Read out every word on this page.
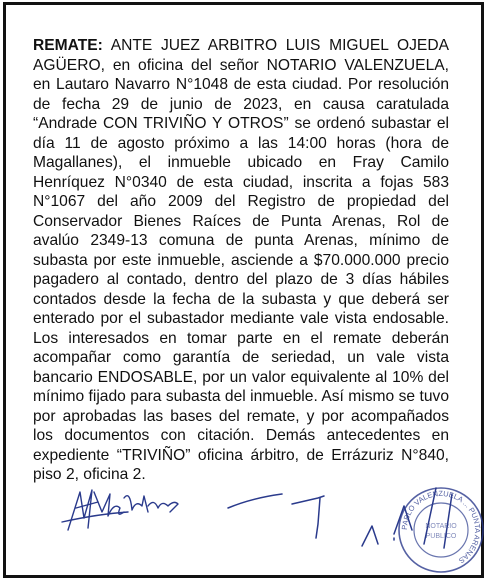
REMATE: ANTE JUEZ ARBITRO LUIS MIGUEL OJEDA AGÜERO, en oficina del señor NOTARIO VALENZUELA, en Lautaro Navarro N°1048 de esta ciudad. Por resolución de fecha 29 de junio de 2023, en causa caratulada “Andrade CON TRIVIÑO Y OTROS” se ordenó subastar el día 11 de agosto próximo a las 14:00 horas (hora de Magallanes), el inmueble ubicado en Fray Camilo Henríquez N°0340 de esta ciudad, inscrita a fojas 583 N°1067 del año 2009 del Registro de propiedad del Conservador Bienes Raíces de Punta Arenas, Rol de avalúo 2349-13 comuna de punta Arenas, mínimo de subasta por este inmueble, asciende a $70.000.000 precio pagadero al contado, dentro del plazo de 3 días hábiles contados desde la fecha de la subasta y que deberá ser enterado por el subastador mediante vale vista endosable. Los interesados en tomar parte en el remate deberán acompañar como garantía de seriedad, un vale vista bancario ENDOSABLE, por un valor equivalente al 10% del mínimo fijado para subasta del inmueble. Así mismo se tuvo por aprobadas las bases del remate, y por acompañados los documentos con citación. Demás antecedentes en expediente “TRIVIÑO” oficina árbitro, de Errázuriz N°840, piso 2, oficina 2.

PABLO VALENZUELA ... PUNTA ARENAS
NOTARIO
PUBLICO
